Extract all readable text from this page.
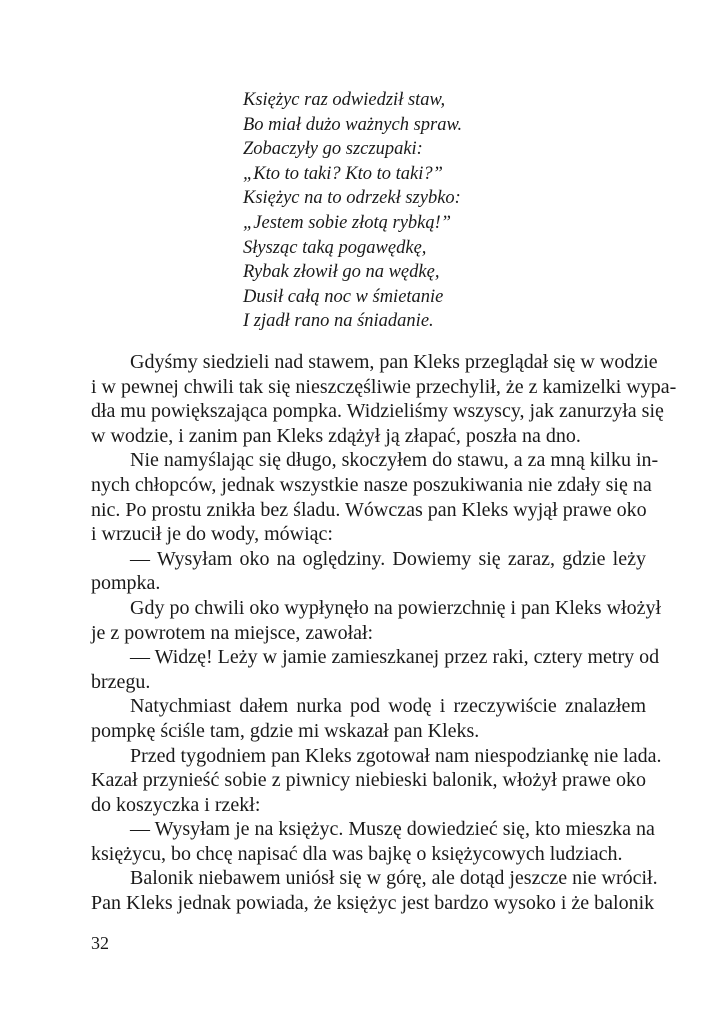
Księżyc raz odwiedził staw,
Bo miał dużo ważnych spraw.
Zobaczyły go szczupaki:
„Kto to taki? Kto to taki?”
Księżyc na to odrzekł szybko:
„Jestem sobie złotą rybką!”
Słysząc taką pogawędkę,
Rybak złowił go na wędkę,
Dusił całą noc w śmietanie
I zjadł rano na śniadanie.
Gdyśmy siedzieli nad stawem, pan Kleks przeglądał się w wodzie
i w pewnej chwili tak się nieszczęśliwie przechylił, że z kamizelki wypa-
dła mu powiększająca pompka. Widzieliśmy wszyscy, jak zanurzyła się
w wodzie, i zanim pan Kleks zdążył ją złapać, poszła na dno.
Nie namyślając się długo, skoczyłem do stawu, a za mną kilku in-
nych chłopców, jednak wszystkie nasze poszukiwania nie zdały się na
nic. Po prostu znikła bez śladu. Wówczas pan Kleks wyjął prawe oko
i wrzucił je do wody, mówiąc:
— Wysyłam oko na oględziny. Dowiemy się zaraz, gdzie leży
pompka.
Gdy po chwili oko wypłynęło na powierzchnię i pan Kleks włożył
je z powrotem na miejsce, zawołał:
— Widzę! Leży w jamie zamieszkanej przez raki, cztery metry od
brzegu.
Natychmiast dałem nurka pod wodę i rzeczywiście znalazłem
pompkę ściśle tam, gdzie mi wskazał pan Kleks.
Przed tygodniem pan Kleks zgotował nam niespodziankę nie lada.
Kazał przynieść sobie z piwnicy niebieski balonik, włożył prawe oko
do koszyczka i rzekł:
— Wysyłam je na księżyc. Muszę dowiedzieć się, kto mieszka na
księżycu, bo chcę napisać dla was bajkę o księżycowych ludziach.
Balonik niebawem uniósł się w górę, ale dotąd jeszcze nie wrócił.
Pan Kleks jednak powiada, że księżyc jest bardzo wysoko i że balonik
32
